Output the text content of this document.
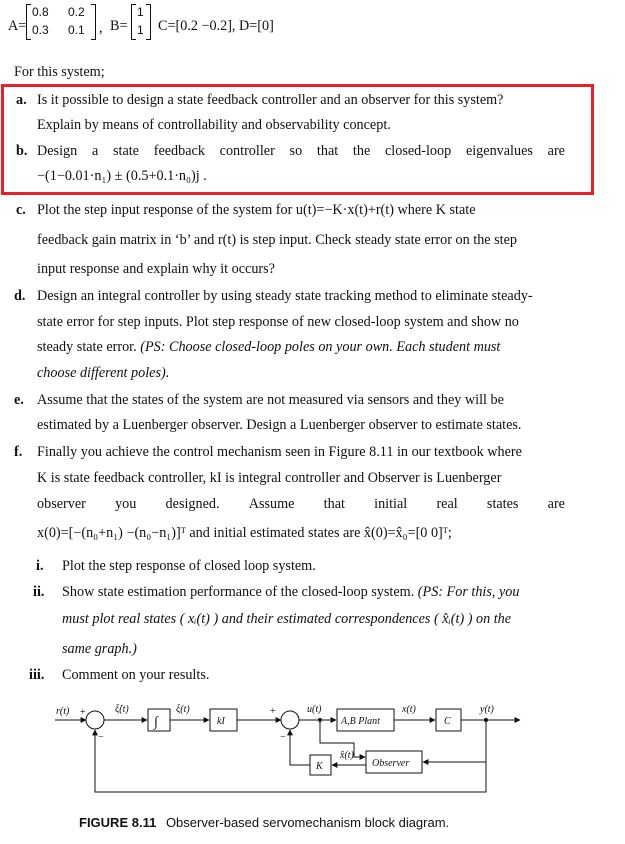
A=
0.8 0.2
0.3 0.1 , B=
1
1 C=[0.2 −0.2], D=[0]
For this system;
a. Is it possible to design a state feedback controller and an observer for this system?
Explain by means of controllability and observability concept.
b. Design a state feedback controller so that the closed-loop eigenvalues are
−(1−0.01·n₁) ± (0.5+0.1·n₀)j .
c. Plot the step input response of the system for u(t)=−K·x(t)+r(t) where K state
feedback gain matrix in ‘b’ and r(t) is step input. Check steady state error on the step
input response and explain why it occurs?
d. Design an integral controller by using steady state tracking method to eliminate steady-
state error for step inputs. Plot step response of new closed-loop system and show no
steady state error. (PS: Choose closed-loop poles on your own. Each student must
choose different poles).
e. Assume that the states of the system are not measured via sensors and they will be
estimated by a Luenberger observer. Design a Luenberger observer to estimate states.
f. Finally you achieve the control mechanism seen in Figure 8.11 in our textbook where
K is state feedback controller, kI is integral controller and Observer is Luenberger
observer you designed. Assume that initial real states are
x(0)=[−(n₀+n₁) −(n₀−n₁)]ᵀ and initial estimated states are x̂(0)=x̂₀=[0 0]ᵀ;
i. Plot the step response of closed loop system.
ii. Show state estimation performance of the closed-loop system. (PS: For this, you
must plot real states ( xᵢ(t) ) and their estimated correspondences ( x̂ᵢ(t) ) on the
same graph.)
iii. Comment on your results.
r(t) +
−
ξ̇(t)
∫
ξ(t)
kI
+
−
u(t)
A,B Plant
x(t)
C
y(t)
K
x̂(t)
Observer
FIGURE 8.11 Observer-based servomechanism block diagram.
